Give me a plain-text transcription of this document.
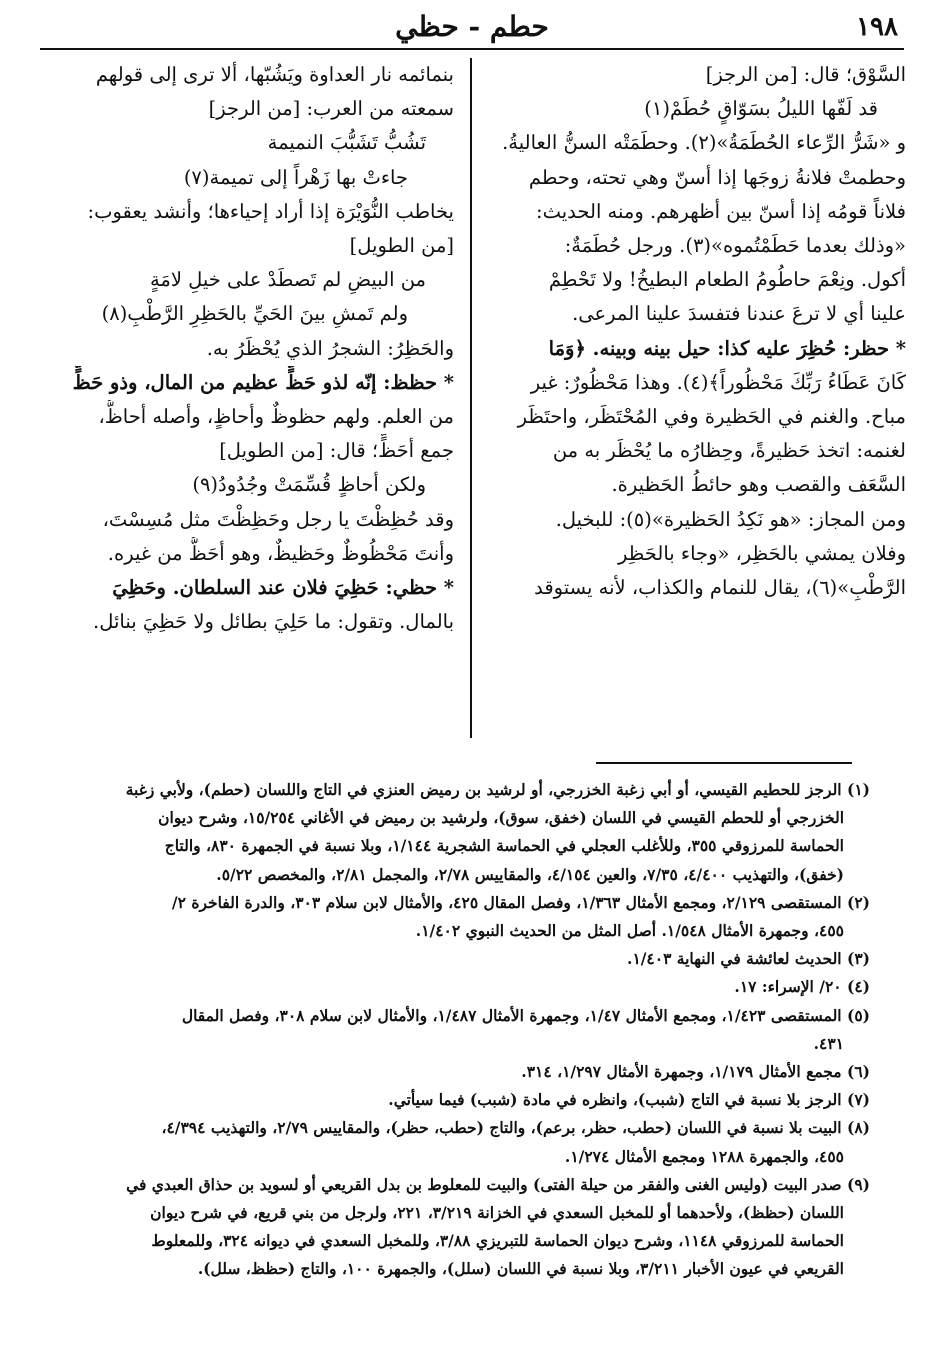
١٩٨
حطم - حظي
السَّوْق؛ قال: [من الرجز]
قد لَفّها الليلُ بسَوّاقٍ حُطَمْ(١)
و «شَرُّ الرِّعاء الحُطَمَةُ»(٢). وحطَمَتْه السنُّ العاليةُ.
وحطمتْ فلانةُ زوجَها إذا أسنّ وهي تحته، وحطم
فلاناً قومُه إذا أسنّ بين أظهرهم. ومنه الحديث:
«وذلك بعدما حَطَمْتُموه»(٣). ورجل حُطَمَةٌ:
أكول. ونِعْمَ حاطُومُ الطعام البطيخُ! ولا تَحْطِمْ
علينا أي لا ترعَ عندنا فتفسدَ علينا المرعى.
* حظر: حُظِرَ عليه كذا: حيل بينه وبينه. ﴿وَمَا
كَانَ عَطَاءُ رَبِّكَ مَحْظُوراً﴾(٤). وهذا مَحْظُورٌ: غير
مباح. والغنم في الحَظيرة وفي المُحْتَظَر، واحتَظَر
لغنمه: اتخذ حَظيرةً، وحِظارُه ما يُحْظَر به من
السَّعَف والقصب وهو حائطُ الحَظيرة.
ومن المجاز: «هو نَكِدُ الحَظيرة»(٥): للبخيل.
وفلان يمشي بالحَظِر، «وجاء بالحَظِر
الرَّطْبِ»(٦)، يقال للنمام والكذاب، لأنه يستوقد
بنمائمه نار العداوة ويَشُبّها، ألا ترى إلى قولهم
سمعته من العرب: [من الرجز]
تَشُبُّ تَشَبُّبَ النميمة
جاءتْ بها زَهْراً إلى تميمة(٧)
يخاطب النُّوَيْرَة إذا أراد إحياءها؛ وأنشد يعقوب:
[من الطويل]
من البيضِ لم تَصطَدْ على خيلِ لامَةٍ
ولم تَمشِ بينَ الحَيِّ بالحَظِرِ الرَّطْبِ(٨)
والحَظِرُ: الشجرُ الذي يُحْظَرُ به.
* حظظ: إنّه لذو حَظٍّ عظيم من المال، وذو حَظٍّ
من العلم. ولهم حظوظٌ وأحاظٍ، وأصله أحاظُّ،
جمع أحَظٍّ؛ قال: [من الطويل]
ولكن أحاظٍ قُسِّمَتْ وجُدُودُ(٩)
وقد حُظِظْتَ يا رجل وحَظِظْتَ مثل مُسِسْتَ،
وأنتَ مَحْظُوظٌ وحَظيظٌ، وهو أحَظُّ من غيره.
* حظي: حَظِيَ فلان عند السلطان. وحَظِيَ
بالمال. وتقول: ما حَلِيَ بطائل ولا حَظِيَ بنائل.
(١) الرجز للحطيم القيسي، أو أبي زغبة الخزرجي، أو لرشيد بن رميض العنزي في التاج واللسان (حطم)، ولأبي زغبة
الخزرجي أو للحطم القيسي في اللسان (خفق، سوق)، ولرشيد بن رميض في الأغاني ١٥/٢٥٤، وشرح ديوان
الحماسة للمرزوقي ٣٥٥، وللأغلب العجلي في الحماسة الشجرية ١/١٤٤، وبلا نسبة في الجمهرة ٨٣٠، والتاج
(خفق)، والتهذيب ٤/٤٠٠، ٧/٣٥، والعين ٤/١٥٤، والمقاييس ٢/٧٨، والمجمل ٢/٨١، والمخصص ٥/٢٢.
(٢) المستقصى ٢/١٢٩، ومجمع الأمثال ١/٣٦٣، وفصل المقال ٤٢٥، والأمثال لابن سلام ٣٠٣، والدرة الفاخرة ٢/
٤٥٥، وجمهرة الأمثال ١/٥٤٨. أصل المثل من الحديث النبوي ١/٤٠٢.
(٣) الحديث لعائشة في النهاية ١/٤٠٣.
(٤) ٢٠/ الإسراء: ١٧.
(٥) المستقصى ١/٤٢٣، ومجمع الأمثال ١/٤٧، وجمهرة الأمثال ١/٤٨٧، والأمثال لابن سلام ٣٠٨، وفصل المقال
٤٣١.
(٦) مجمع الأمثال ١/١٧٩، وجمهرة الأمثال ١/٢٩٧، ٣١٤.
(٧) الرجز بلا نسبة في التاج (شبب)، وانظره في مادة (شبب) فيما سيأتي.
(٨) البيت بلا نسبة في اللسان (حطب، حظر، برعم)، والتاج (حطب، حظر)، والمقاييس ٢/٧٩، والتهذيب ٤/٣٩٤،
٤٥٥، والجمهرة ١٢٨٨ ومجمع الأمثال ١/٢٧٤.
(٩) صدر البيت (وليس الغنى والفقر من حيلة الفتى) والبيت للمعلوط بن بدل القريعي أو لسويد بن حذاق العبدي في
اللسان (حظظ)، ولأحدهما أو للمخبل السعدي في الخزانة ٣/٢١٩، ٢٢١، ولرجل من بني قريع، في شرح ديوان
الحماسة للمرزوقي ١١٤٨، وشرح ديوان الحماسة للتبريزي ٣/٨٨، وللمخبل السعدي في ديوانه ٣٢٤، وللمعلوط
القريعي في عيون الأخبار ٣/٢١١، وبلا نسبة في اللسان (سلل)، والجمهرة ١٠٠، والتاج (حظظ، سلل).
